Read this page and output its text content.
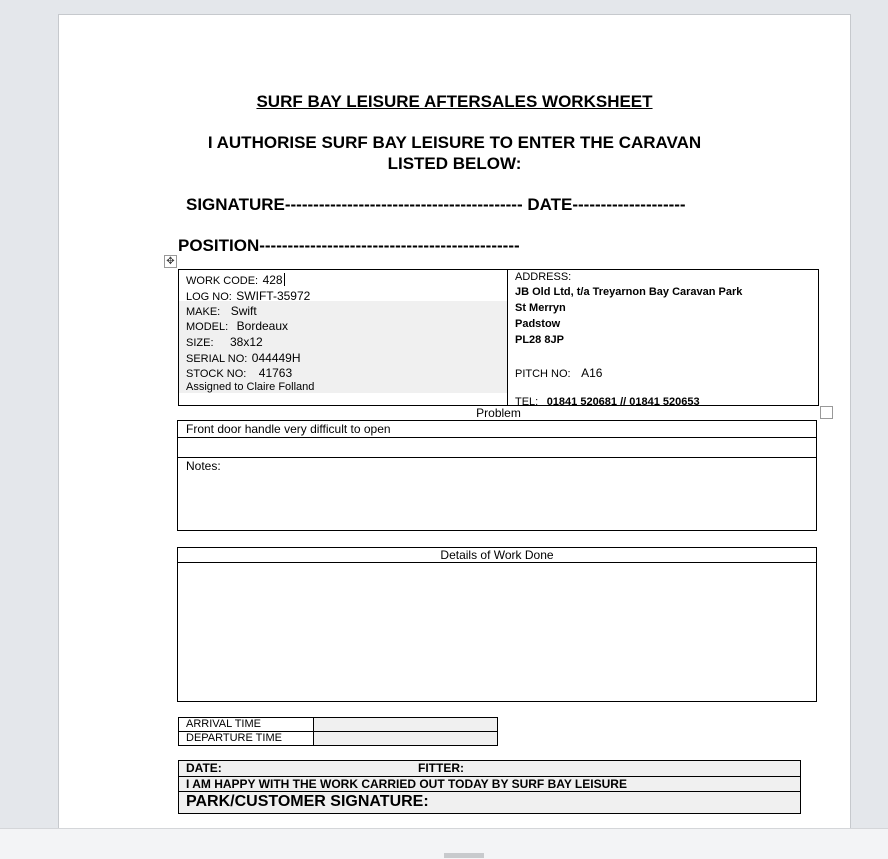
SURF BAY LEISURE AFTERSALES WORKSHEET
I AUTHORISE SURF BAY LEISURE TO ENTER THE CARAVAN
LISTED BELOW:
SIGNATURE------------------------------------------ DATE--------------------
POSITION----------------------------------------------
✥
WORK CODE: 428
LOG NO: SWIFT-35972
MAKE: Swift
MODEL: Bordeaux
SIZE: 38x12
SERIAL NO: 044449H
STOCK NO: 41763
Assigned to Claire Folland
ADDRESS:
JB Old Ltd, t/a Treyarnon Bay Caravan Park
St Merryn
Padstow
PL28 8JP
PITCH NO: A16
TEL: 01841 520681 // 01841 520653
Problem
Front door handle very difficult to open
Notes:
Details of Work Done
ARRIVAL TIME
DEPARTURE TIME
DATE:	FITTER:
I AM HAPPY WITH THE WORK CARRIED OUT TODAY BY SURF BAY LEISURE
PARK/CUSTOMER SIGNATURE:
